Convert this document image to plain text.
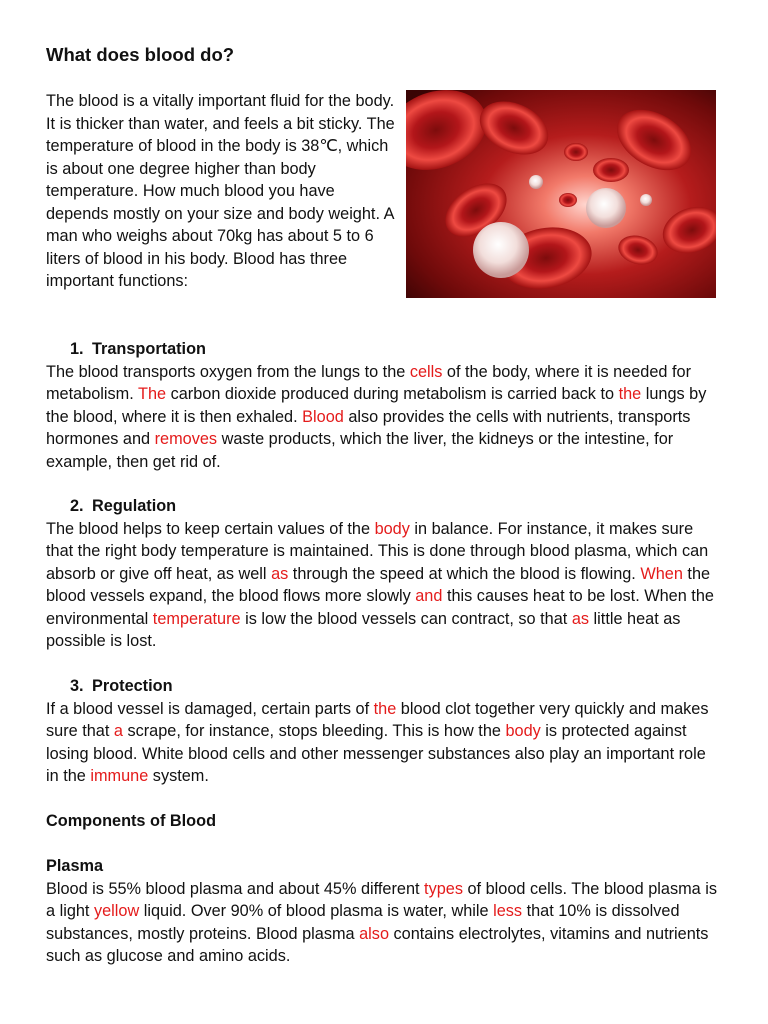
What does blood do?

The blood is a vitally important fluid for the body. It is thicker than water, and feels a bit sticky. The temperature of blood in the body is 38℃, which is about one degree higher than body temperature. How much blood you have depends mostly on your size and body weight. A man who weighs about 70kg has about 5 to 6 liters of blood in his body. Blood has three important functions:

1. Transportation

The blood transports oxygen from the lungs to the cells of the body, where it is needed for metabolism. The carbon dioxide produced during metabolism is carried back to the lungs by the blood, where it is then exhaled. Blood also provides the cells with nutrients, transports hormones and removes waste products, which the liver, the kidneys or the intestine, for example, then get rid of.

2. Regulation

The blood helps to keep certain values of the body in balance. For instance, it makes sure that the right body temperature is maintained. This is done through blood plasma, which can absorb or give off heat, as well as through the speed at which the blood is flowing. When the blood vessels expand, the blood flows more slowly and this causes heat to be lost. When the environmental temperature is low the blood vessels can contract, so that as little heat as possible is lost.

3. Protection

If a blood vessel is damaged, certain parts of the blood clot together very quickly and makes sure that a scrape, for instance, stops bleeding. This is how the body is protected against losing blood. White blood cells and other messenger substances also play an important role in the immune system.

Components of Blood

Plasma

Blood is 55% blood plasma and about 45% different types of blood cells. The blood plasma is a light yellow liquid. Over 90% of blood plasma is water, while less that 10% is dissolved substances, mostly proteins. Blood plasma also contains electrolytes, vitamins and nutrients such as glucose and amino acids.
